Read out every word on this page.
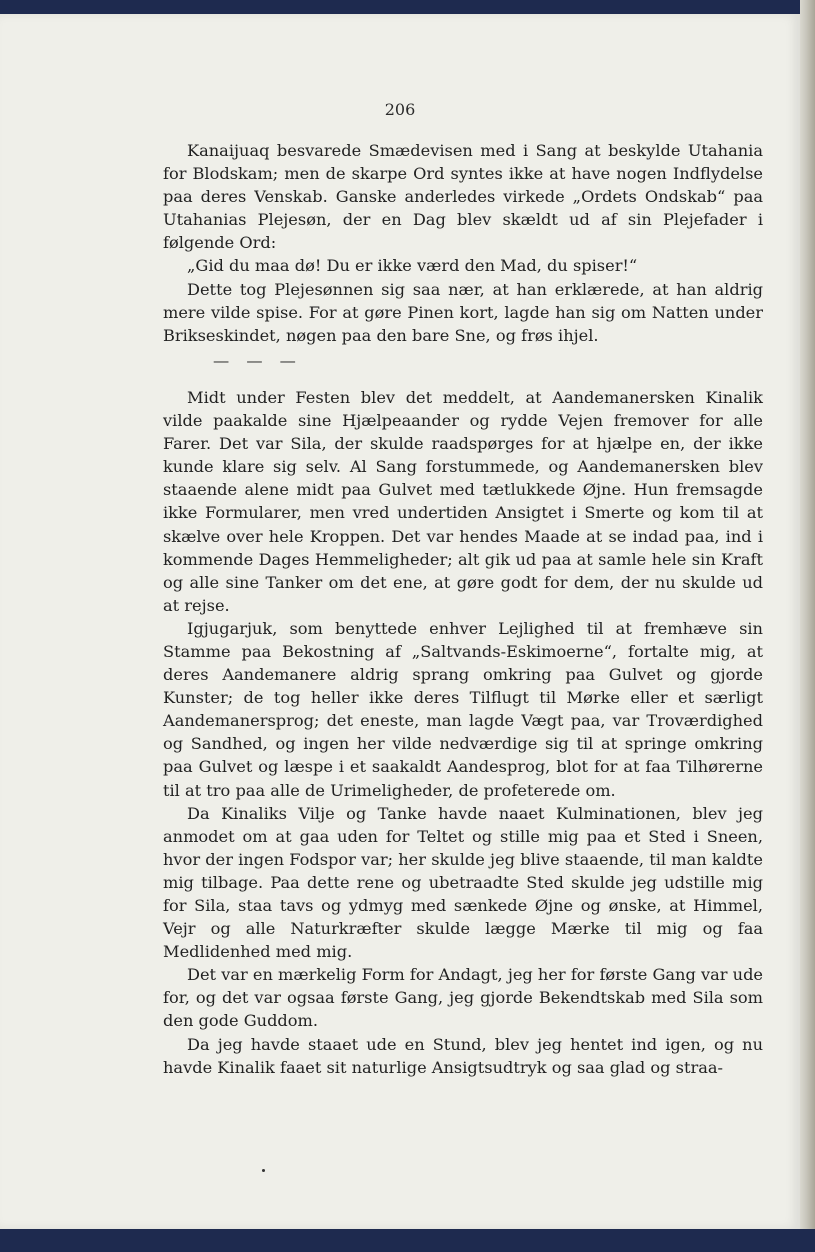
206

Kanaijuaq besvarede Smædevisen med i Sang at beskylde Utahania for Blodskam; men de skarpe Ord syntes ikke at have nogen Indflydelse paa deres Venskab. Ganske anderledes virkede „Ordets Ondskab“ paa Utahanias Plejesøn, der en Dag blev skældt ud af sin Plejefader i følgende Ord:

„Gid du maa dø! Du er ikke værd den Mad, du spiser!“

Dette tog Plejesønnen sig saa nær, at han erklærede, at han aldrig mere vilde spise. For at gøre Pinen kort, lagde han sig om Natten under Brikseskindet, nøgen paa den bare Sne, og frøs ihjel.

— — —

Midt under Festen blev det meddelt, at Aandemanersken Kinalik vilde paakalde sine Hjælpeaander og rydde Vejen fremover for alle Farer. Det var Sila, der skulde raadspørges for at hjælpe en, der ikke kunde klare sig selv. Al Sang forstummede, og Aandemanersken blev staaende alene midt paa Gulvet med tætlukkede Øjne. Hun fremsagde ikke Formularer, men vred undertiden Ansigtet i Smerte og kom til at skælve over hele Kroppen. Det var hendes Maade at se indad paa, ind i kommende Dages Hemmeligheder; alt gik ud paa at samle hele sin Kraft og alle sine Tanker om det ene, at gøre godt for dem, der nu skulde ud at rejse.

Igjugarjuk, som benyttede enhver Lejlighed til at fremhæve sin Stamme paa Bekostning af „Saltvands-Eskimoerne“, fortalte mig, at deres Aandemanere aldrig sprang omkring paa Gulvet og gjorde Kunster; de tog heller ikke deres Tilflugt til Mørke eller et særligt Aandemanersprog; det eneste, man lagde Vægt paa, var Troværdighed og Sandhed, og ingen her vilde nedværdige sig til at springe omkring paa Gulvet og læspe i et saakaldt Aandesprog, blot for at faa Tilhørerne til at tro paa alle de Urimeligheder, de profeterede om.

Da Kinaliks Vilje og Tanke havde naaet Kulminationen, blev jeg anmodet om at gaa uden for Teltet og stille mig paa et Sted i Sneen, hvor der ingen Fodspor var; her skulde jeg blive staaende, til man kaldte mig tilbage. Paa dette rene og ubetraadte Sted skulde jeg udstille mig for Sila, staa tavs og ydmyg med sænkede Øjne og ønske, at Himmel, Vejr og alle Naturkræfter skulde lægge Mærke til mig og faa Medlidenhed med mig.

Det var en mærkelig Form for Andagt, jeg her for første Gang var ude for, og det var ogsaa første Gang, jeg gjorde Bekendtskab med Sila som den gode Guddom.

Da jeg havde staaet ude en Stund, blev jeg hentet ind igen, og nu havde Kinalik faaet sit naturlige Ansigtsudtryk og saa glad og straa-
